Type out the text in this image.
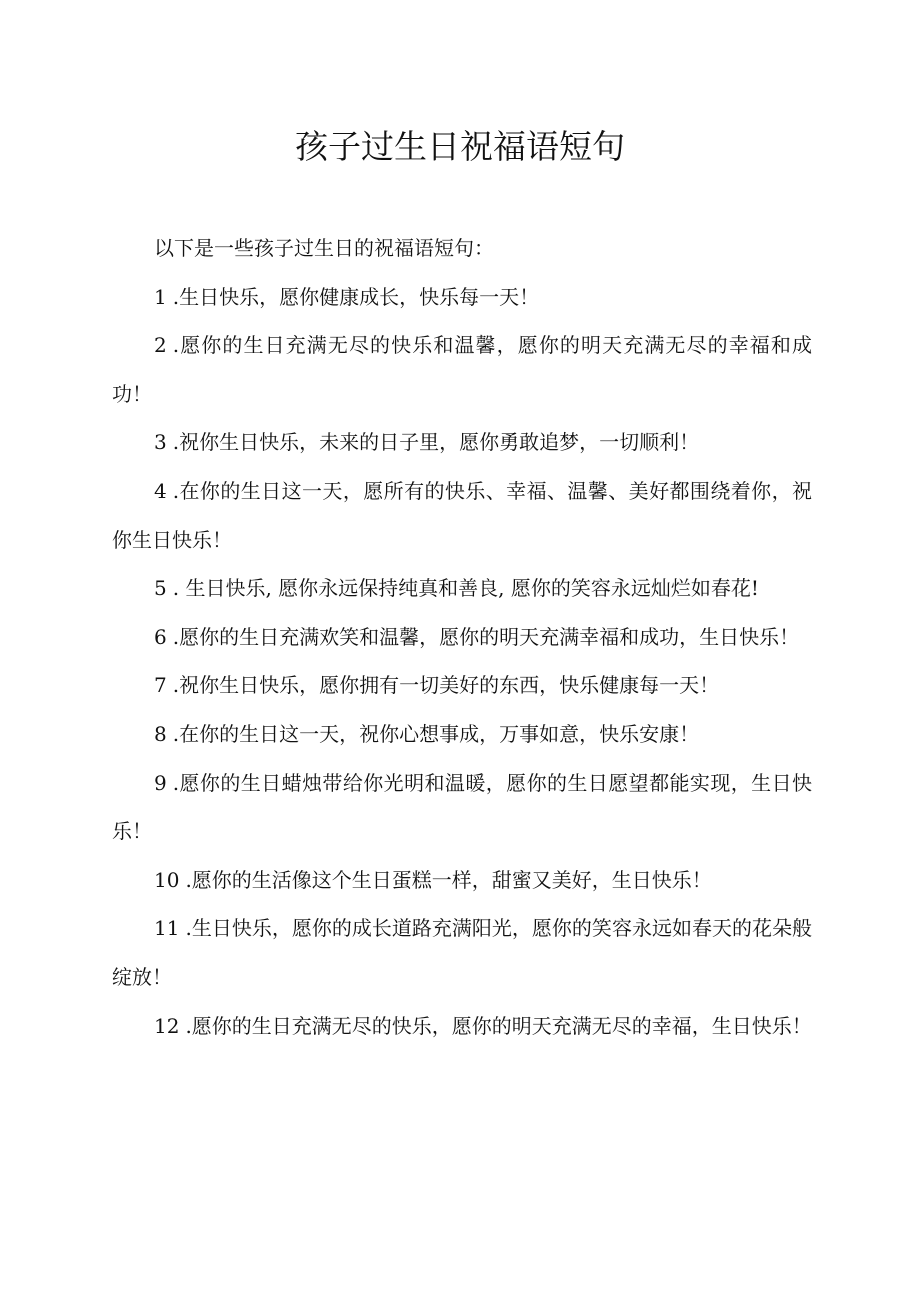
孩子过生日祝福语短句

以下是一些孩子过生日的祝福语短句：

1 .生日快乐，愿你健康成长，快乐每一天！

2 .愿你的生日充满无尽的快乐和温馨，愿你的明天充满无尽的幸福和成功！

3 .祝你生日快乐，未来的日子里，愿你勇敢追梦，一切顺利！

4 .在你的生日这一天，愿所有的快乐、幸福、温馨、美好都围绕着你，祝你生日快乐！

5 . 生日快乐, 愿你永远保持纯真和善良, 愿你的笑容永远灿烂如春花!

6 .愿你的生日充满欢笑和温馨，愿你的明天充满幸福和成功，生日快乐！

7 .祝你生日快乐，愿你拥有一切美好的东西，快乐健康每一天！

8 .在你的生日这一天，祝你心想事成，万事如意，快乐安康！

9 .愿你的生日蜡烛带给你光明和温暖，愿你的生日愿望都能实现，生日快乐！

10 .愿你的生活像这个生日蛋糕一样，甜蜜又美好，生日快乐！

11 .生日快乐，愿你的成长道路充满阳光，愿你的笑容永远如春天的花朵般绽放！

12 .愿你的生日充满无尽的快乐，愿你的明天充满无尽的幸福，生日快乐！
